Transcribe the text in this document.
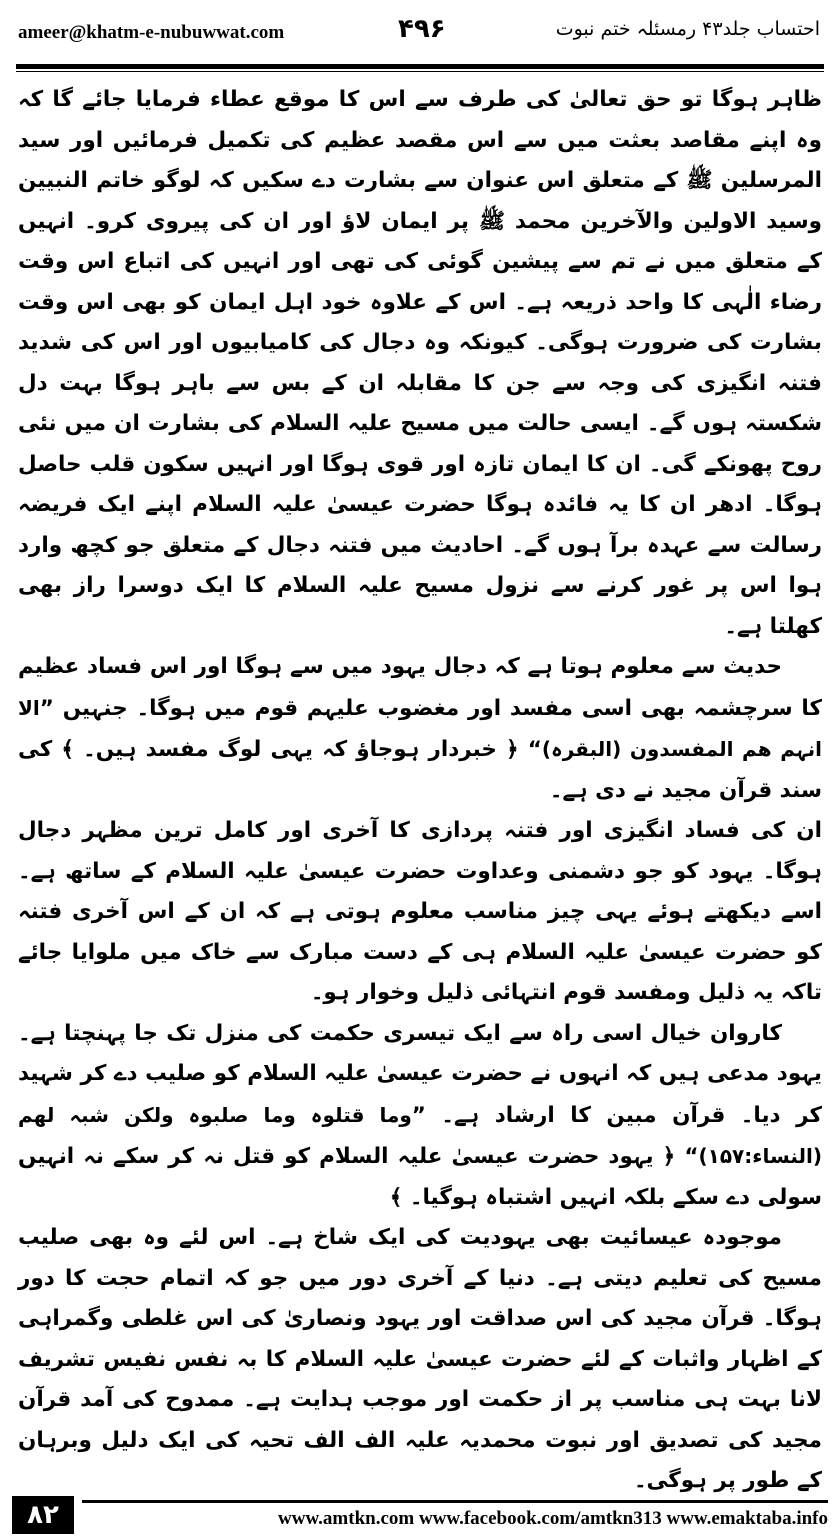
ameer@khatm-e-nubuwwat.com	۴۹۶	احتساب جلد۴۳ رمسئلہ ختم نبوت

ظاہر ہوگا تو حق تعالیٰ کی طرف سے اس کا موقع عطاء فرمایا جائے گا کہ وہ اپنے مقاصد بعثت میں سے اس مقصد عظیم کی تکمیل فرمائیں اور سید المرسلین ﷺ کے متعلق اس عنوان سے بشارت دے سکیں کہ لوگو خاتم النبیین وسید الاولین والآخرین محمد ﷺ پر ایمان لاؤ اور ان کی پیروی کرو۔ انہیں کے متعلق میں نے تم سے پیشین گوئی کی تھی اور انہیں کی اتباع اس وقت رضاء الٰہی کا واحد ذریعہ ہے۔ اس کے علاوہ خود اہل ایمان کو بھی اس وقت بشارت کی ضرورت ہوگی۔ کیونکہ وہ دجال کی کامیابیوں اور اس کی شدید فتنہ انگیزی کی وجہ سے جن کا مقابلہ ان کے بس سے باہر ہوگا بہت دل شکستہ ہوں گے۔ ایسی حالت میں مسیح علیہ السلام کی بشارت ان میں نئی روح پھونکے گی۔ ان کا ایمان تازہ اور قوی ہوگا اور انہیں سکون قلب حاصل ہوگا۔ ادھر ان کا یہ فائدہ ہوگا حضرت عیسیٰ علیہ السلام اپنے ایک فریضہ رسالت سے عہدہ برآ ہوں گے۔ احادیث میں فتنہ دجال کے متعلق جو کچھ وارد ہوا اس پر غور کرنے سے نزول مسیح علیہ السلام کا ایک دوسرا راز بھی کھلتا ہے۔

حدیث سے معلوم ہوتا ہے کہ دجال یہود میں سے ہوگا اور اس فساد عظیم کا سرچشمہ بھی اسی مفسد اور مغضوب علیہم قوم میں ہوگا۔ جنہیں ”الا انہم ھم المفسدون (البقرہ)“ ﴿ خبردار ہوجاؤ کہ یہی لوگ مفسد ہیں۔ ﴾ کی سند قرآن مجید نے دی ہے۔

ان کی فساد انگیزی اور فتنہ پردازی کا آخری اور کامل ترین مظہر دجال ہوگا۔ یہود کو جو دشمنی وعداوت حضرت عیسیٰ علیہ السلام کے ساتھ ہے۔ اسے دیکھتے ہوئے یہی چیز مناسب معلوم ہوتی ہے کہ ان کے اس آخری فتنہ کو حضرت عیسیٰ علیہ السلام ہی کے دست مبارک سے خاک میں ملوایا جائے تاکہ یہ ذلیل ومفسد قوم انتہائی ذلیل وخوار ہو۔

کاروان خیال اسی راہ سے ایک تیسری حکمت کی منزل تک جا پہنچتا ہے۔ یہود مدعی ہیں کہ انہوں نے حضرت عیسیٰ علیہ السلام کو صلیب دے کر شہید کر دیا۔ قرآن مبین کا ارشاد ہے۔ ”وما قتلوہ وما صلبوہ ولکن شبہ لھم (النساء:۱۵۷)“ ﴿ یہود حضرت عیسیٰ علیہ السلام کو قتل نہ کر سکے نہ انہیں سولی دے سکے بلکہ انہیں اشتباہ ہوگیا۔ ﴾

موجودہ عیسائیت بھی یہودیت کی ایک شاخ ہے۔ اس لئے وہ بھی صلیب مسیح کی تعلیم دیتی ہے۔ دنیا کے آخری دور میں جو کہ اتمام حجت کا دور ہوگا۔ قرآن مجید کی اس صداقت اور یہود ونصاریٰ کی اس غلطی وگمراہی کے اظہار واثبات کے لئے حضرت عیسیٰ علیہ السلام کا بہ نفس نفیس تشریف لانا بہت ہی مناسب پر از حکمت اور موجب ہدایت ہے۔ ممدوح کی آمد قرآن مجید کی تصدیق اور نبوت محمدیہ علیہ الف الف تحیہ کی ایک دلیل وبرہان کے طور پر ہوگی۔

۸۲	www.amtkn.com www.facebook.com/amtkn313 www.emaktaba.info
